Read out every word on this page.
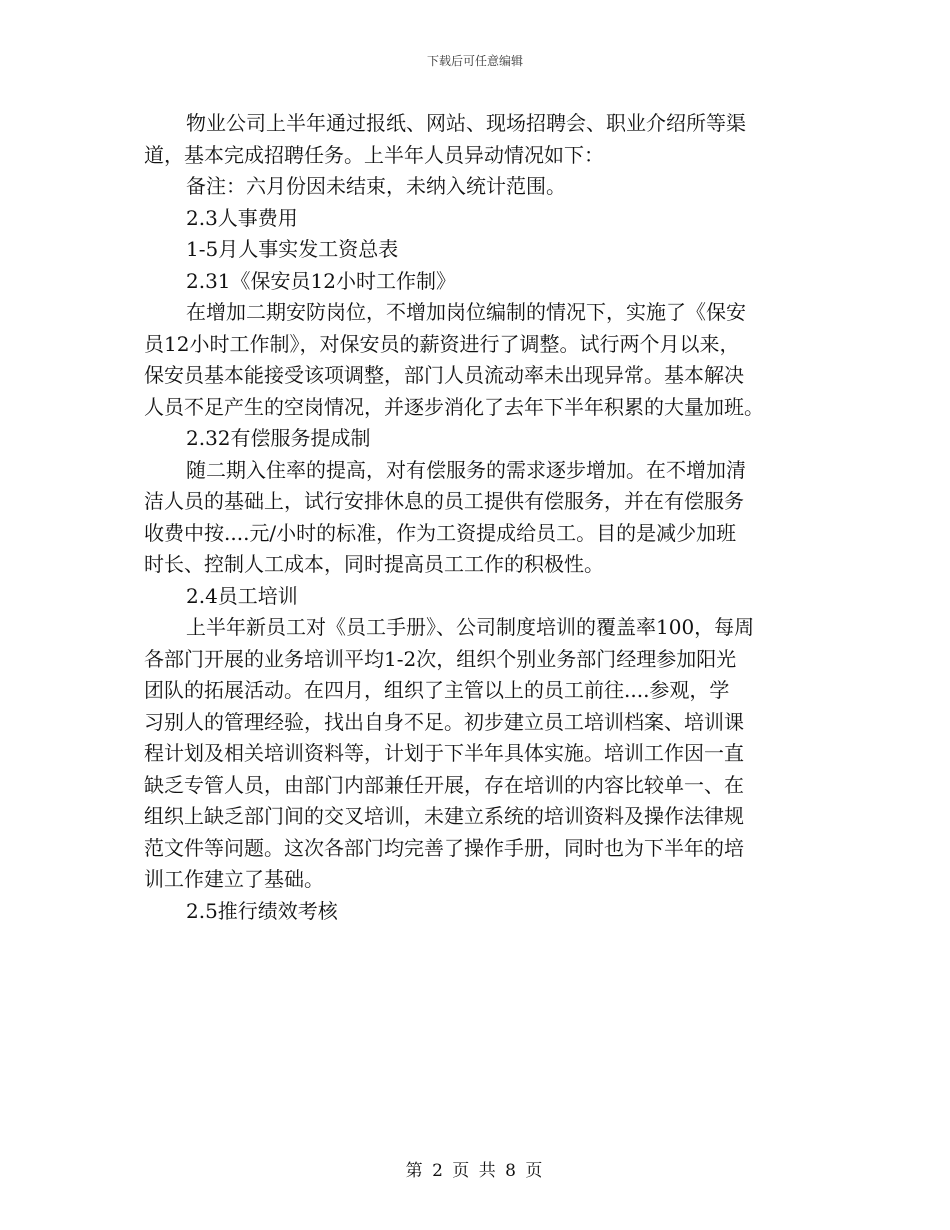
下载后可任意编辑
物业公司上半年通过报纸、网站、现场招聘会、职业介绍所等渠
道，基本完成招聘任务。上半年人员异动情况如下：
备注：六月份因未结束，未纳入统计范围。
2.3人事费用
1-5月人事实发工资总表
2.31《保安员12小时工作制》
在增加二期安防岗位，不增加岗位编制的情况下，实施了《保安
员12小时工作制》，对保安员的薪资进行了调整。试行两个月以来，
保安员基本能接受该项调整，部门人员流动率未出现异常。基本解决
人员不足产生的空岗情况，并逐步消化了去年下半年积累的大量加班。
2.32有偿服务提成制
随二期入住率的提高，对有偿服务的需求逐步增加。在不增加清
洁人员的基础上，试行安排休息的员工提供有偿服务，并在有偿服务
收费中按....元/小时的标准，作为工资提成给员工。目的是减少加班
时长、控制人工成本，同时提高员工工作的积极性。
2.4员工培训
上半年新员工对《员工手册》、公司制度培训的覆盖率100，每周
各部门开展的业务培训平均1-2次，组织个别业务部门经理参加阳光
团队的拓展活动。在四月，组织了主管以上的员工前往....参观，学
习别人的管理经验，找出自身不足。初步建立员工培训档案、培训课
程计划及相关培训资料等，计划于下半年具体实施。培训工作因一直
缺乏专管人员，由部门内部兼任开展，存在培训的内容比较单一、在
组织上缺乏部门间的交叉培训，未建立系统的培训资料及操作法律规
范文件等问题。这次各部门均完善了操作手册，同时也为下半年的培
训工作建立了基础。
2.5推行绩效考核
第 2 页 共 8 页
